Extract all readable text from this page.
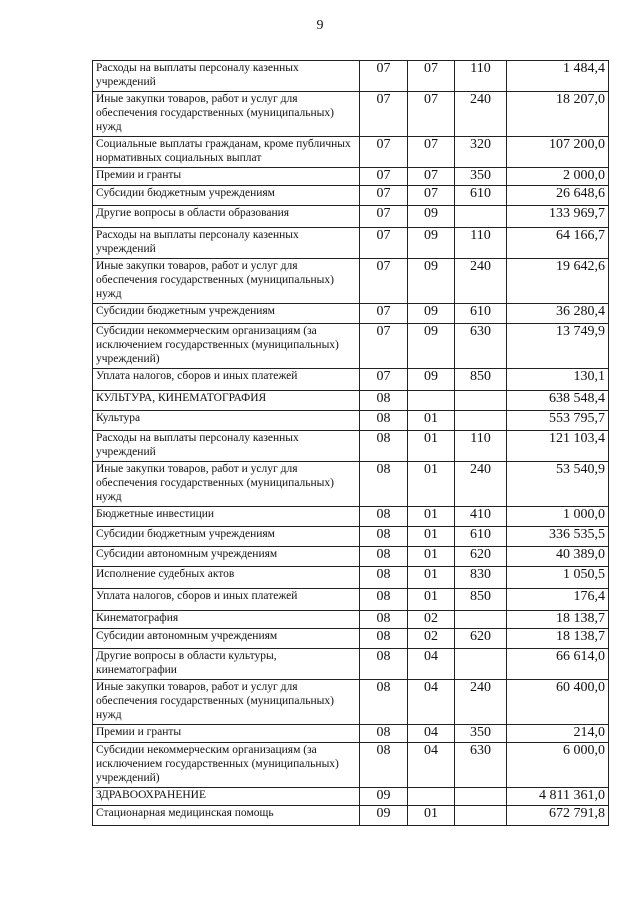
9
Расходы на выплаты персоналу казенных учреждений	07	07	110	1 484,4
Иные закупки товаров, работ и услуг для обеспечения государственных (муниципальных) нужд	07	07	240	18 207,0
Социальные выплаты гражданам, кроме публичных нормативных социальных выплат	07	07	320	107 200,0
Премии и гранты	07	07	350	2 000,0
Субсидии бюджетным учреждениям	07	07	610	26 648,6
Другие вопросы в области образования	07	09		133 969,7
Расходы на выплаты персоналу казенных учреждений	07	09	110	64 166,7
Иные закупки товаров, работ и услуг для обеспечения государственных (муниципальных) нужд	07	09	240	19 642,6
Субсидии бюджетным учреждениям	07	09	610	36 280,4
Субсидии некоммерческим организациям (за исключением государственных (муниципальных) учреждений)	07	09	630	13 749,9
Уплата налогов, сборов и иных платежей	07	09	850	130,1
КУЛЬТУРА, КИНЕМАТОГРАФИЯ	08			638 548,4
Культура	08	01		553 795,7
Расходы на выплаты персоналу казенных учреждений	08	01	110	121 103,4
Иные закупки товаров, работ и услуг для обеспечения государственных (муниципальных) нужд	08	01	240	53 540,9
Бюджетные инвестиции	08	01	410	1 000,0
Субсидии бюджетным учреждениям	08	01	610	336 535,5
Субсидии автономным учреждениям	08	01	620	40 389,0
Исполнение судебных актов	08	01	830	1 050,5
Уплата налогов, сборов и иных платежей	08	01	850	176,4
Кинематография	08	02		18 138,7
Субсидии автономным учреждениям	08	02	620	18 138,7
Другие вопросы в области культуры, кинематографии	08	04		66 614,0
Иные закупки товаров, работ и услуг для обеспечения государственных (муниципальных) нужд	08	04	240	60 400,0
Премии и гранты	08	04	350	214,0
Субсидии некоммерческим организациям (за исключением государственных (муниципальных) учреждений)	08	04	630	6 000,0
ЗДРАВООХРАНЕНИЕ	09			4 811 361,0
Стационарная медицинская помощь	09	01		672 791,8
